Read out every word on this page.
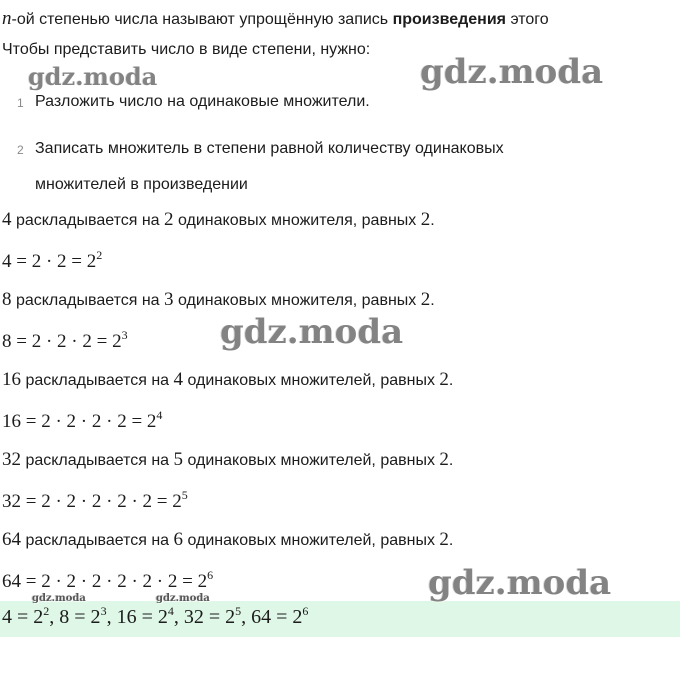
n-ой степенью числа называют упрощённую запись произведения этого
Чтобы представить число в виде степени, нужно:
1 Разложить число на одинаковые множители.
2 Записать множитель в степени равной количеству одинаковых
множителей в произведении
4 раскладывается на 2 одинаковых множителя, равных 2.
$4 = 2 \cdot 2 = 2^2$
8 раскладывается на 3 одинаковых множителя, равных 2.
$8 = 2 \cdot 2 \cdot 2 = 2^3$
16 раскладывается на 4 одинаковых множителей, равных 2.
$16 = 2 \cdot 2 \cdot 2 \cdot 2 = 2^4$
32 раскладывается на 5 одинаковых множителей, равных 2.
$32 = 2 \cdot 2 \cdot 2 \cdot 2 \cdot 2 = 2^5$
64 раскладывается на 6 одинаковых множителей, равных 2.
$64 = 2 \cdot 2 \cdot 2 \cdot 2 \cdot 2 \cdot 2 = 2^6$
$4 = 2^2$, $8 = 2^3$, $16 = 2^4$, $32 = 2^5$, $64 = 2^6$
gdz.moda	gdz.moda
gdz.moda
gdz.moda
gdz.moda	gdz.moda
